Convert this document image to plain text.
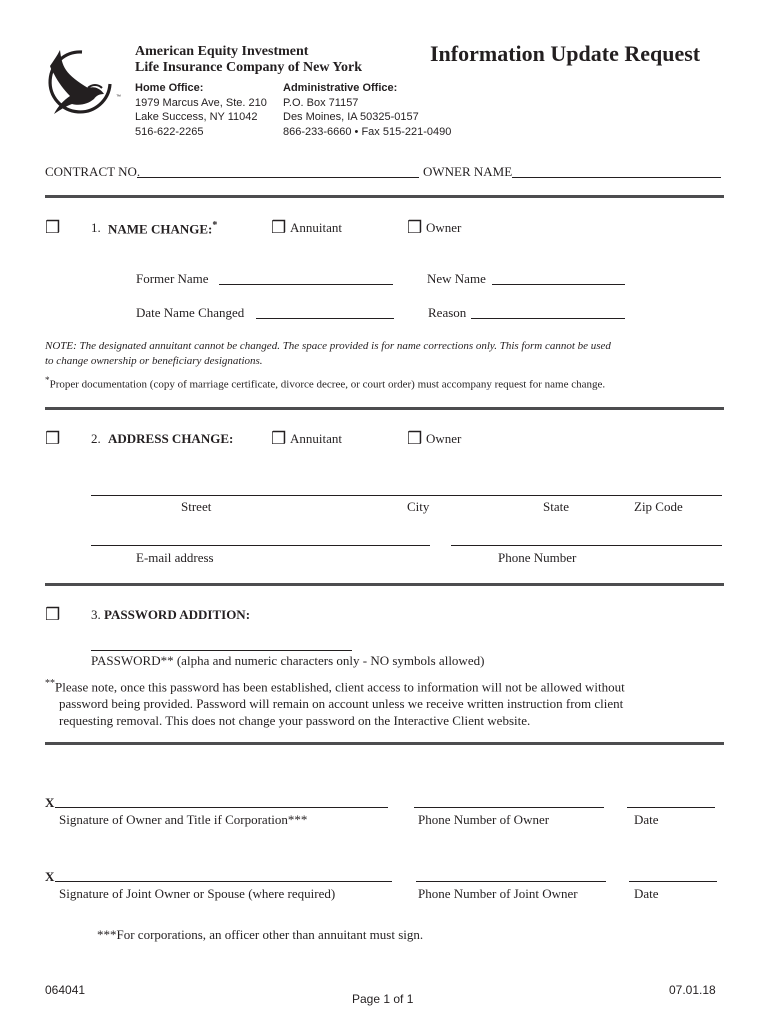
™
American Equity Investment
Life Insurance Company of New York
Information Update Request
Home Office:
1979 Marcus Ave, Ste. 210
Lake Success, NY 11042
516-622-2265
Administrative Office:
P.O. Box 71157
Des Moines, IA 50325-0157
866-233-6660 • Fax 515-221-0490
CONTRACT NO.	OWNER NAME
❒ 1. NAME CHANGE:*	❒ Annuitant	❒ Owner
Former Name	New Name
Date Name Changed	Reason
NOTE: The designated annuitant cannot be changed. The space provided is for name corrections only. This form cannot be used
to change ownership or beneficiary designations.
*Proper documentation (copy of marriage certificate, divorce decree, or court order) must accompany request for name change.
❒ 2. ADDRESS CHANGE: ❒ Annuitant	❒ Owner
Street	City	State	Zip Code
E-mail address	Phone Number
❒ 3. PASSWORD ADDITION:
PASSWORD** (alpha and numeric characters only - NO symbols allowed)
**Please note, once this password has been established, client access to information will not be allowed without
password being provided. Password will remain on account unless we receive written instruction from client
requesting removal. This does not change your password on the Interactive Client website.
X
Signature of Owner and Title if Corporation***	Phone Number of Owner	Date
X
Signature of Joint Owner or Spouse (where required)	Phone Number of Joint Owner	Date
***For corporations, an officer other than annuitant must sign.
064041
Page 1 of 1
07.01.18
